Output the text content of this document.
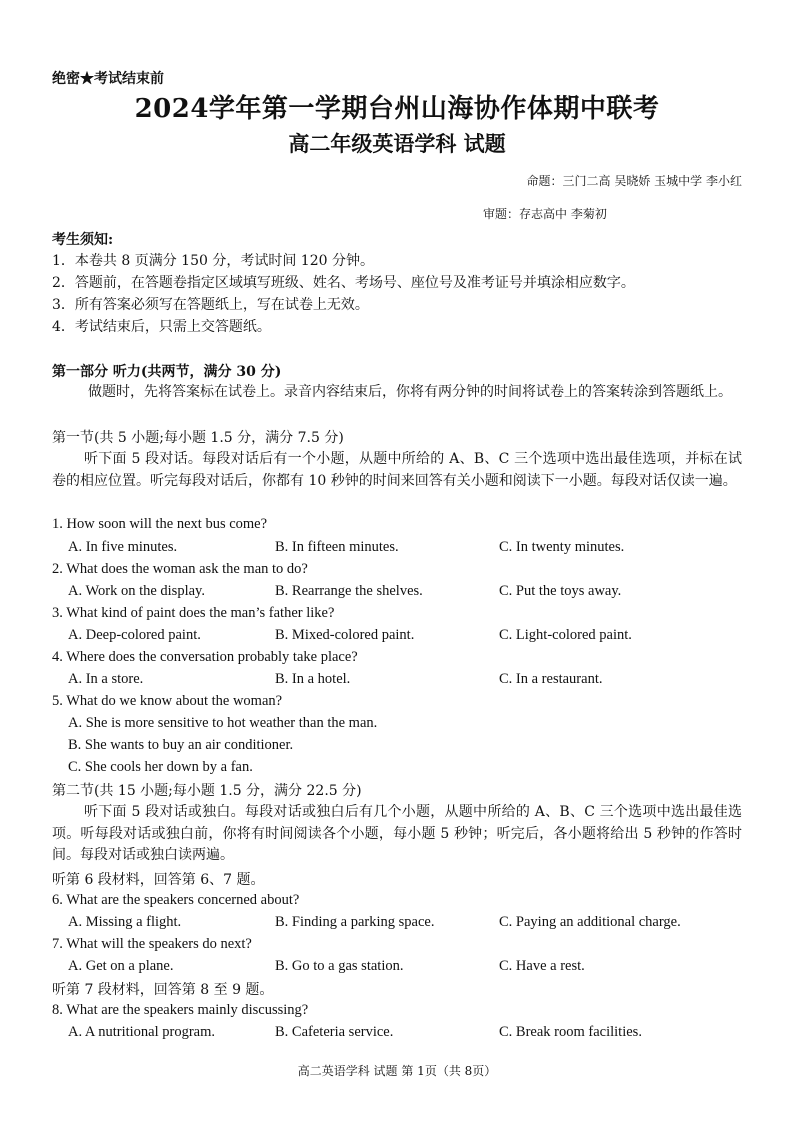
绝密★考试结束前
2024学年第一学期台州山海协作体期中联考
高二年级英语学科 试题
命题：三门二高 吴晓娇 玉城中学 李小红
审题：存志高中 李菊初
考生须知:
1．本卷共 8 页满分 150 分，考试时间 120 分钟。
2．答题前，在答题卷指定区域填写班级、姓名、考场号、座位号及准考证号并填涂相应数字。
3．所有答案必须写在答题纸上，写在试卷上无效。
4．考试结束后，只需上交答题纸。
第一部分 听力(共两节，满分 30 分)
做题时，先将答案标在试卷上。录音内容结束后，你将有两分钟的时间将试卷上的答案转涂到答题纸上。
第一节(共 5 小题;每小题 1.5 分，满分 7.5 分)
听下面 5 段对话。每段对话后有一个小题，从题中所给的 A、B、C 三个选项中选出最佳选项，并标在试卷的相应位置。听完每段对话后，你都有 10 秒钟的时间来回答有关小题和阅读下一小题。每段对话仅读一遍。
1. How soon will the next bus come?
A. In five minutes.	B. In fifteen minutes.	C. In twenty minutes.
2. What does the woman ask the man to do?
A. Work on the display.	B. Rearrange the shelves.	C. Put the toys away.
3. What kind of paint does the man’s father like?
A. Deep-colored paint.	B. Mixed-colored paint.	C. Light-colored paint.
4. Where does the conversation probably take place?
A. In a store.	B. In a hotel.	C. In a restaurant.
5. What do we know about the woman?
A. She is more sensitive to hot weather than the man.
B. She wants to buy an air conditioner.
C. She cools her down by a fan.
第二节(共 15 小题;每小题 1.5 分，满分 22.5 分)
听下面 5 段对话或独白。每段对话或独白后有几个小题，从题中所给的 A、B、C 三个选项中选出最佳选项。听每段对话或独白前，你将有时间阅读各个小题，每小题 5 秒钟；听完后，各小题将给出 5 秒钟的作答时间。每段对话或独白读两遍。
听第 6 段材料，回答第 6、7 题。
6. What are the speakers concerned about?
A. Missing a flight.	B. Finding a parking space.	C. Paying an additional charge.
7. What will the speakers do next?
A. Get on a plane.	B. Go to a gas station.	C. Have a rest.
听第 7 段材料，回答第 8 至 9 题。
8. What are the speakers mainly discussing?
A. A nutritional program.	B. Cafeteria service.	C. Break room facilities.
高二英语学科 试题 第 1页（共 8页）
